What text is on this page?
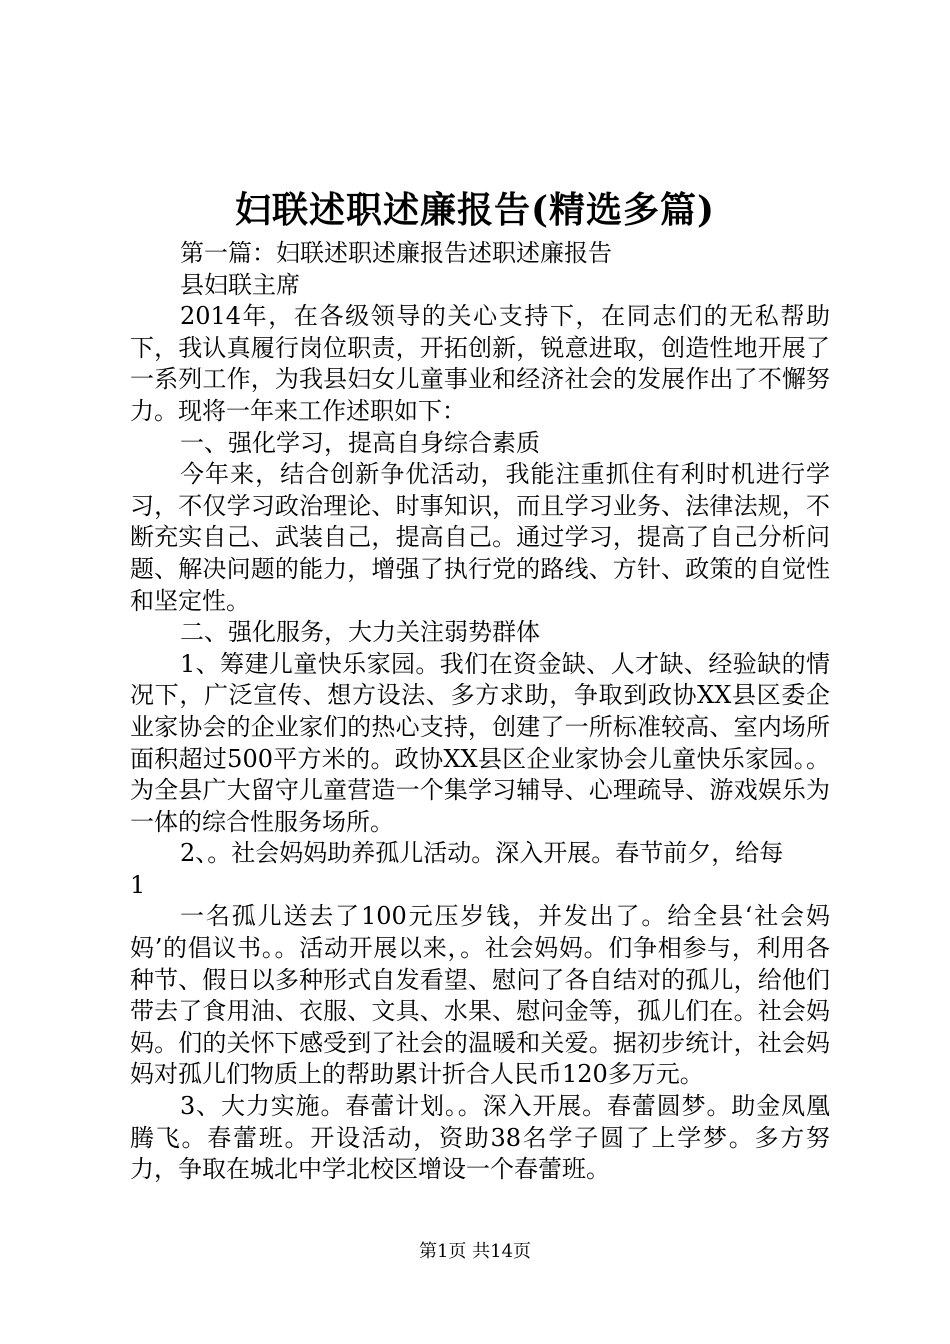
妇联述职述廉报告(精选多篇)

第一篇：妇联述职述廉报告述职述廉报告

县妇联主席

2014年，在各级领导的关心支持下，在同志们的无私帮助下，我认真履行岗位职责，开拓创新，锐意进取，创造性地开展了一系列工作，为我县妇女儿童事业和经济社会的发展作出了不懈努力。现将一年来工作述职如下：

一、强化学习，提高自身综合素质

今年来，结合创新争优活动，我能注重抓住有利时机进行学习，不仅学习政治理论、时事知识，而且学习业务、法律法规，不断充实自己、武装自己，提高自己。通过学习，提高了自己分析问题、解决问题的能力，增强了执行党的路线、方针、政策的自觉性和坚定性。

二、强化服务，大力关注弱势群体

1、筹建儿童快乐家园。我们在资金缺、人才缺、经验缺的情况下，广泛宣传、想方设法、多方求助，争取到政协XX县区委企业家协会的企业家们的热心支持，创建了一所标准较高、室内场所面积超过500平方米的。政协XX县区企业家协会儿童快乐家园。。为全县广大留守儿童营造一个集学习辅导、心理疏导、游戏娱乐为一体的综合性服务场所。

2、。社会妈妈助养孤儿活动。深入开展。春节前夕，给每

1

一名孤儿送去了100元压岁钱，并发出了。给全县‘社会妈妈’的倡议书。。活动开展以来，。社会妈妈。们争相参与，利用各种节、假日以多种形式自发看望、慰问了各自结对的孤儿，给他们带去了食用油、衣服、文具、水果、慰问金等，孤儿们在。社会妈妈。们的关怀下感受到了社会的温暖和关爱。据初步统计，社会妈妈对孤儿们物质上的帮助累计折合人民币120多万元。

3、大力实施。春蕾计划。。深入开展。春蕾圆梦。助金凤凰腾飞。春蕾班。开设活动，资助38名学子圆了上学梦。多方努力，争取在城北中学北校区增设一个春蕾班。

第1页 共14页
